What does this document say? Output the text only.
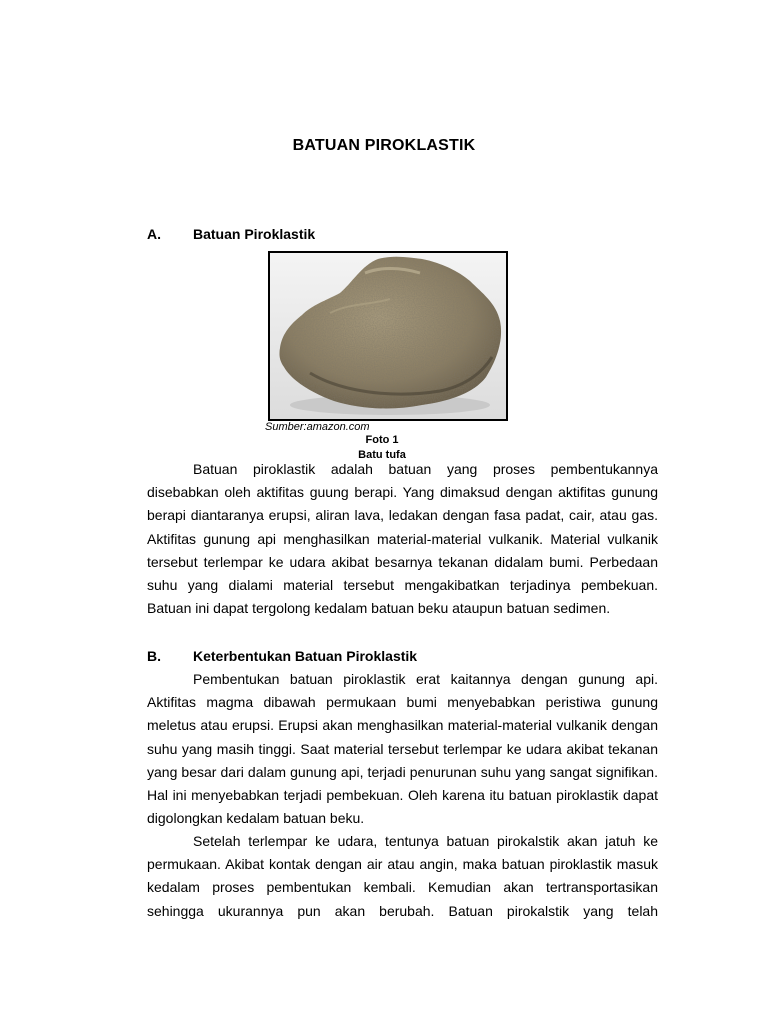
BATUAN PIROKLASTIK
A. Batuan Piroklastik
Sumber:amazon.com
Foto 1
Batu tufa

Batuan piroklastik adalah batuan yang proses pembentukannya disebabkan oleh aktifitas guung berapi. Yang dimaksud dengan aktifitas gunung berapi diantaranya erupsi, aliran lava, ledakan dengan fasa padat, cair, atau gas. Aktifitas gunung api menghasilkan material-material vulkanik. Material vulkanik tersebut terlempar ke udara akibat besarnya tekanan didalam bumi. Perbedaan suhu yang dialami material tersebut mengakibatkan terjadinya pembekuan. Batuan ini dapat tergolong kedalam batuan beku ataupun batuan sedimen.

B. Keterbentukan Batuan Piroklastik

Pembentukan batuan piroklastik erat kaitannya dengan gunung api. Aktifitas magma dibawah permukaan bumi menyebabkan peristiwa gunung meletus atau erupsi. Erupsi akan menghasilkan material-material vulkanik dengan suhu yang masih tinggi. Saat material tersebut terlempar ke udara akibat tekanan yang besar dari dalam gunung api, terjadi penurunan suhu yang sangat signifikan. Hal ini menyebabkan terjadi pembekuan. Oleh karena itu batuan piroklastik dapat digolongkan kedalam batuan beku.

Setelah terlempar ke udara, tentunya batuan pirokalstik akan jatuh ke permukaan. Akibat kontak dengan air atau angin, maka batuan piroklastik masuk kedalam proses pembentukan kembali. Kemudian akan tertransportasikan sehingga ukurannya pun akan berubah. Batuan pirokalstik yang telah
